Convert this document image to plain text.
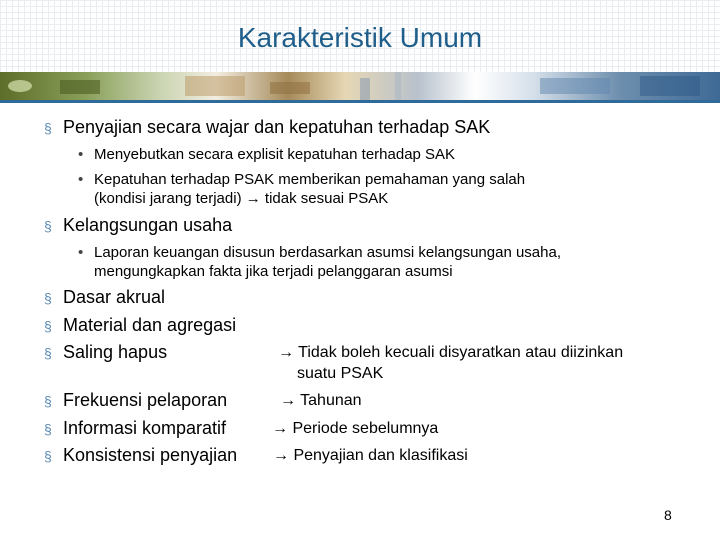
Karakteristik Umum
§ Penyajian secara wajar dan kepatuhan terhadap SAK
• Menyebutkan secara explisit kepatuhan terhadap SAK
• Kepatuhan terhadap PSAK memberikan pemahaman yang salah
(kondisi jarang terjadi) → tidak sesuai PSAK
§ Kelangsungan usaha
• Laporan keuangan disusun berdasarkan asumsi kelangsungan usaha,
mengungkapkan fakta jika terjadi pelanggaran asumsi
§ Dasar akrual
§ Material dan agregasi
§ Saling hapus	→ Tidak boleh kecuali disyaratkan atau diizinkan
suatu PSAK
§ Frekuensi pelaporan	→ Tahunan
§ Informasi komparatif	→ Periode sebelumnya
§ Konsistensi penyajian → Penyajian dan klasifikasi
8
